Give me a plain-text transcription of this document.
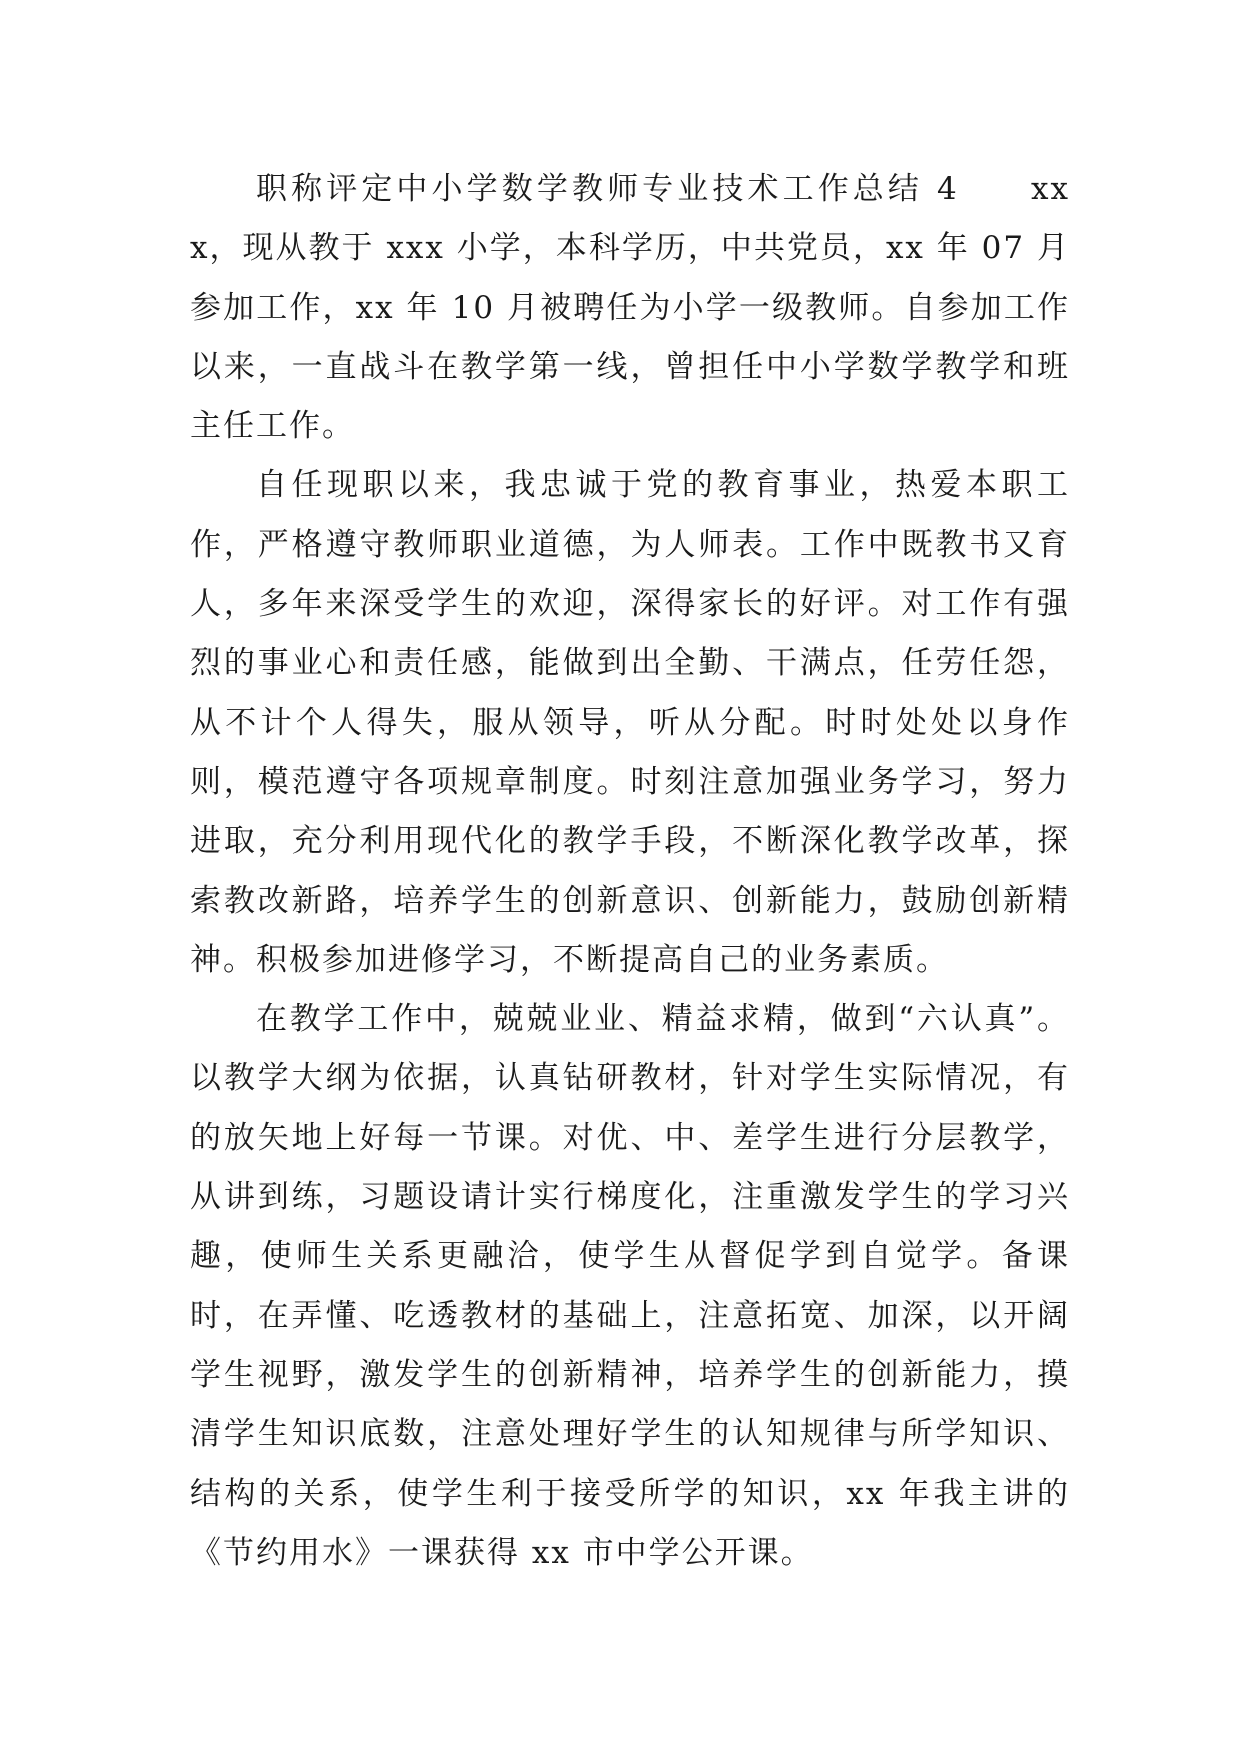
职称评定中小学数学教师专业技术工作总结 4　　xxx，现从教于 xxx 小学，本科学历，中共党员，xx 年 07 月参加工作，xx 年 10 月被聘任为小学一级教师。自参加工作以来，一直战斗在教学第一线，曾担任中小学数学教学和班主任工作。

自任现职以来，我忠诚于党的教育事业，热爱本职工作，严格遵守教师职业道德，为人师表。工作中既教书又育人，多年来深受学生的欢迎，深得家长的好评。对工作有强烈的事业心和责任感，能做到出全勤、干满点，任劳任怨，从不计个人得失，服从领导，听从分配。时时处处以身作则，模范遵守各项规章制度。时刻注意加强业务学习，努力进取，充分利用现代化的教学手段，不断深化教学改革，探索教改新路，培养学生的创新意识、创新能力，鼓励创新精神。积极参加进修学习，不断提高自己的业务素质。

在教学工作中，兢兢业业、精益求精，做到“六认真”。以教学大纲为依据，认真钻研教材，针对学生实际情况，有的放矢地上好每一节课。对优、中、差学生进行分层教学，从讲到练，习题设请计实行梯度化，注重激发学生的学习兴趣，使师生关系更融洽，使学生从督促学到自觉学。备课时，在弄懂、吃透教材的基础上，注意拓宽、加深，以开阔学生视野，激发学生的创新精神，培养学生的创新能力，摸清学生知识底数，注意处理好学生的认知规律与所学知识、结构的关系，使学生利于接受所学的知识，xx 年我主讲的《节约用水》一课获得 xx 市中学公开课。
